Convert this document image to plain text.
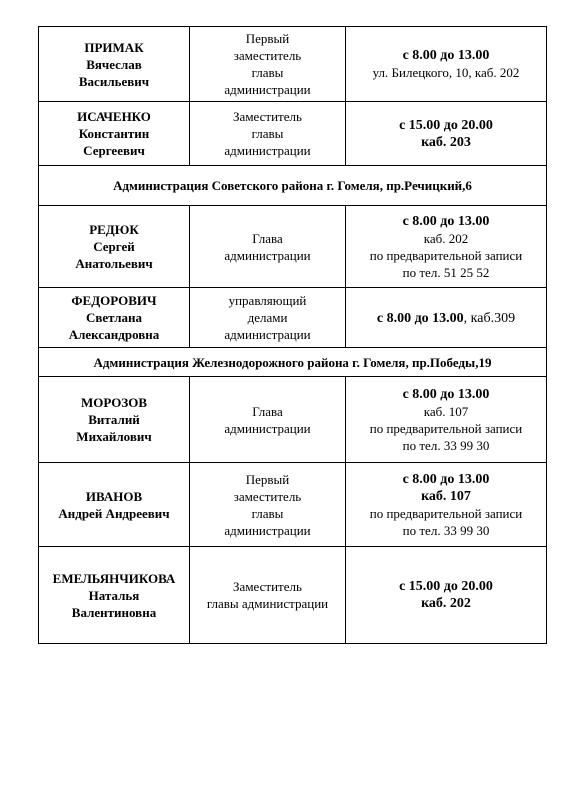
ПРИМАК
Вячеслав
Васильевич	Первый
заместитель
главы
администрации	с 8.00 до 13.00
ул. Билецкого, 10, каб. 202

ИСАЧЕНКО
Константин
Сергеевич	Заместитель
главы
администрации	с 15.00 до 20.00
каб. 203

Администрация Советского района г. Гомеля, пр.Речицкий,6		

РЕДЮК
Сергей
Анатольевич	Глава
администрации	с 8.00 до 13.00
каб. 202
по предварительной записи
по тел. 51 25 52

ФЕДОРОВИЧ
Светлана
Александровна	управляющий
делами
администрации	с 8.00 до 13.00, каб.309
Администрация Железнодорожного района г. Гомеля, пр.Победы,19		

МОРОЗОВ
Виталий
Михайлович	Глава
администрации	с 8.00 до 13.00
каб. 107
по предварительной записи
по тел. 33 99 30

ИВАНОВ
Андрей Андреевич	Первый
заместитель
главы
администрации	с 8.00 до 13.00
каб. 107
по предварительной записи
по тел. 33 99 30

ЕМЕЛЬЯНЧИКОВА
Наталья
Валентиновна	Заместитель
главы администрации	с 15.00 до 20.00
каб. 202
